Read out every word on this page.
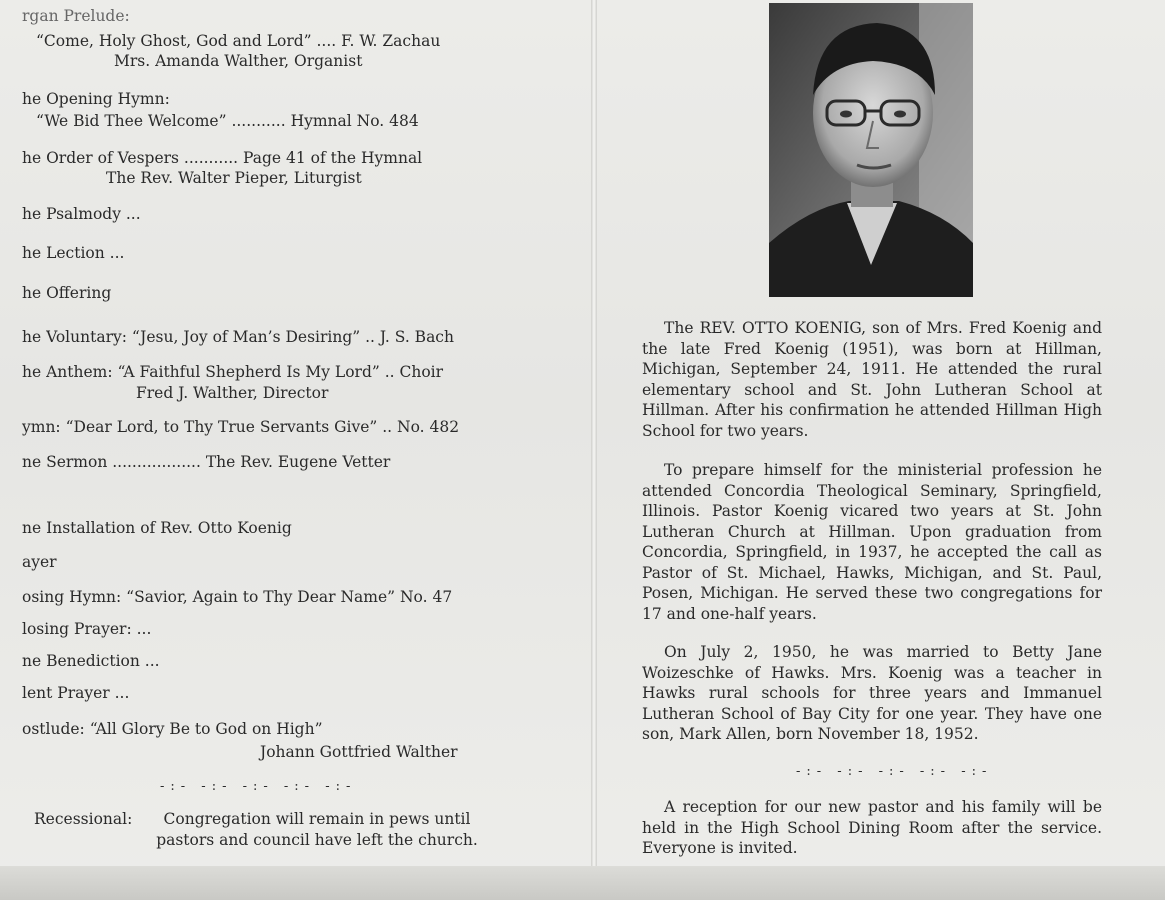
rgan Prelude:
“Come, Holy Ghost, God and Lord” .... F. W. Zachau
Mrs. Amanda Walther, Organist
he Opening Hymn:
“We Bid Thee Welcome” ........... Hymnal No. 484
he Order of Vespers ........... Page 41 of the Hymnal
The Rev. Walter Pieper, Liturgist
he Psalmody ...
he Lection ...
he Offering
he Voluntary: “Jesu, Joy of Man’s Desiring” .. J. S. Bach
he Anthem: “A Faithful Shepherd Is My Lord” .. Choir
Fred J. Walther, Director
ymn: “Dear Lord, to Thy True Servants Give” .. No. 482
ne Sermon .................. The Rev. Eugene Vetter
ne Installation of Rev. Otto Koenig
ayer
osing Hymn: “Savior, Again to Thy Dear Name” No. 47
losing Prayer: ...
ne Benediction ...
lent Prayer ...
ostlude: “All Glory Be to God on High”
Johann Gottfried Walther
-:- -:- -:- -:- -:-
Recessional:	Congregation will remain in pews until pastors and council have left the church.

The REV. OTTO KOENIG, son of Mrs. Fred Koenig and the late Fred Koenig (1951), was born at Hillman, Michigan, September 24, 1911. He attended the rural elementary school and St. John Lutheran School at Hillman. After his confirmation he attended Hillman High School for two years.

To prepare himself for the ministerial profession he attended Concordia Theological Seminary, Springfield, Illinois. Pastor Koenig vicared two years at St. John Lutheran Church at Hillman. Upon graduation from Concordia, Springfield, in 1937, he accepted the call as Pastor of St. Michael, Hawks, Michigan, and St. Paul, Posen, Michigan. He served these two congregations for 17 and one-half years.

On July 2, 1950, he was married to Betty Jane Woizeschke of Hawks. Mrs. Koenig was a teacher in Hawks rural schools for three years and Immanuel Lutheran School of Bay City for one year. They have one son, Mark Allen, born November 18, 1952.

-:- -:- -:- -:- -:-

A reception for our new pastor and his family will be held in the High School Dining Room after the service. Everyone is invited.
